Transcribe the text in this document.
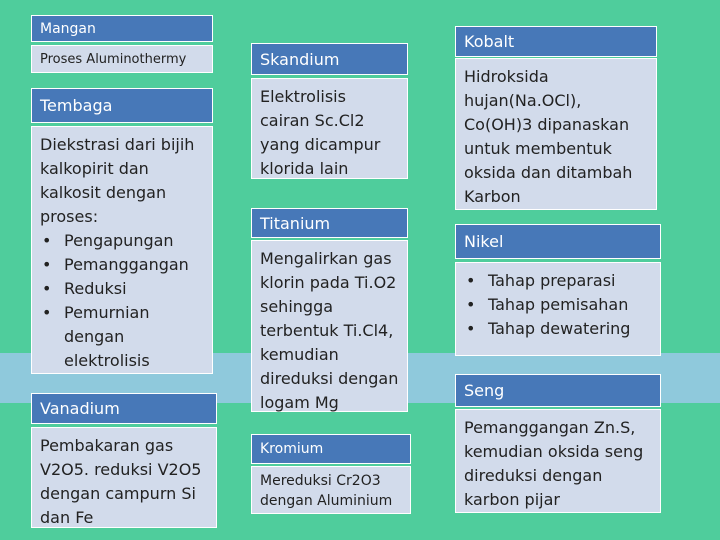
Mangan
Proses Aluminothermy
Tembaga

Diekstrasi dari bijih kalkopirit dan kalkosit dengan proses:

• Pengapungan
• Pemanggangan
• Reduksi
• Pemurnian dengan elektrolisis
Vanadium
Pembakaran gas V2O5. reduksi V2O5 dengan campurn Si dan Fe
Skandium
Elektrolisis cairan Sc.Cl2 yang dicampur klorida lain
Titanium
Mengalirkan gas klorin pada Ti.O2 sehingga terbentuk Ti.Cl4, kemudian direduksi dengan logam Mg
Kromium
Mereduksi Cr2O3 dengan Aluminium
Kobalt
Hidroksida hujan(Na.OCl), Co(OH)3 dipanaskan untuk membentuk oksida dan ditambah Karbon
Nikel
• Tahap preparasi
• Tahap pemisahan
• Tahap dewatering
Seng
Pemanggangan Zn.S, kemudian oksida seng direduksi dengan karbon pijar
